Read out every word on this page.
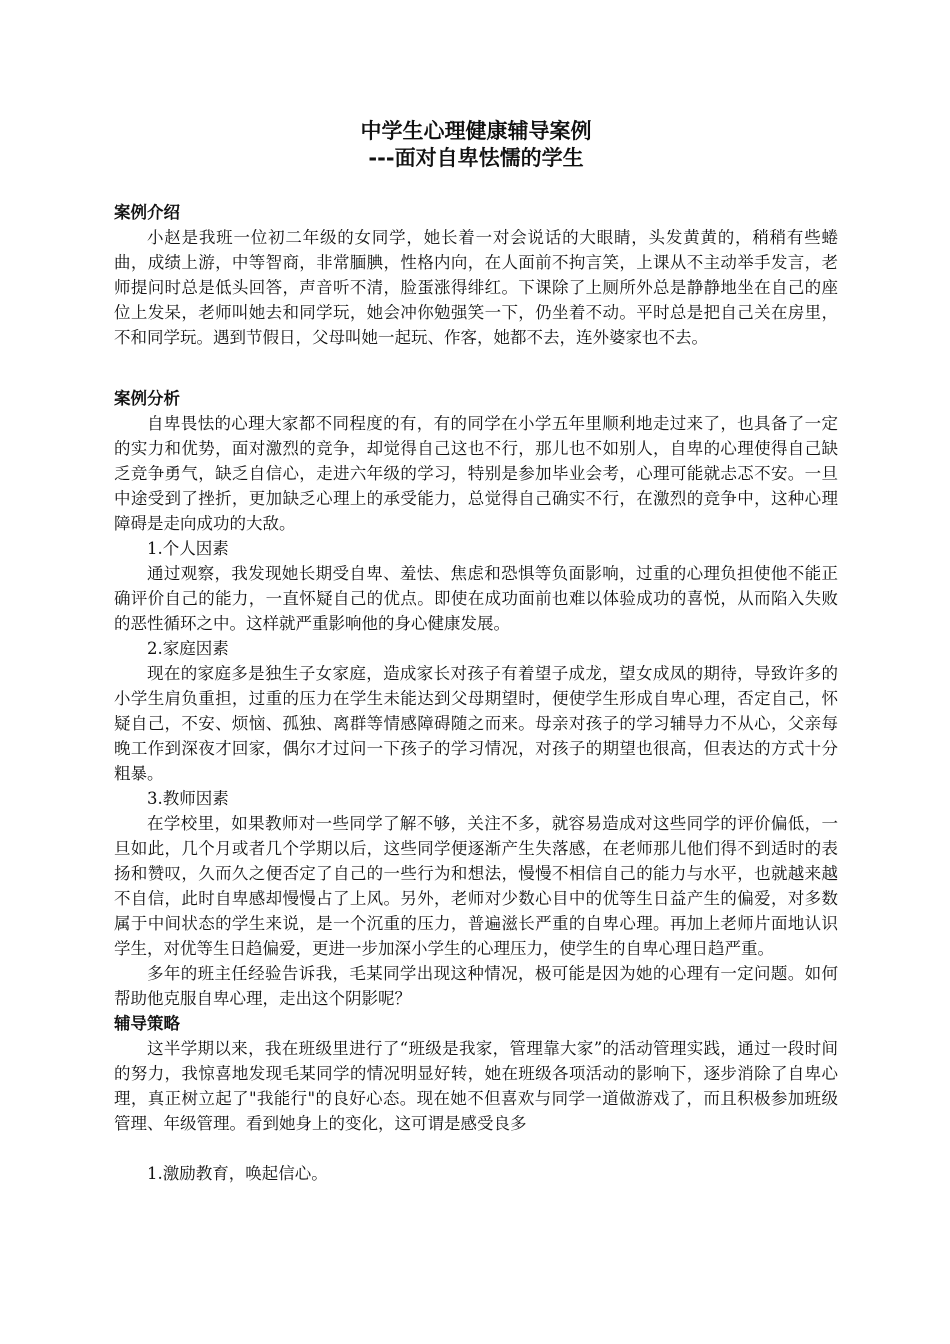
中学生心理健康辅导案例

---面对自卑怯懦的学生

案例介绍

小赵是我班一位初二年级的女同学，她长着一对会说话的大眼睛，头发黄黄的，稍稍有些蜷曲，成绩上游，中等智商，非常腼腆，性格内向，在人面前不拘言笑，上课从不主动举手发言，老师提问时总是低头回答，声音听不清，脸蛋涨得绯红。下课除了上厕所外总是静静地坐在自己的座位上发呆，老师叫她去和同学玩，她会冲你勉强笑一下，仍坐着不动。平时总是把自己关在房里，不和同学玩。遇到节假日，父母叫她一起玩、作客，她都不去，连外婆家也不去。

案例分析

自卑畏怯的心理大家都不同程度的有，有的同学在小学五年里顺利地走过来了，也具备了一定的实力和优势，面对激烈的竞争，却觉得自己这也不行，那儿也不如别人，自卑的心理使得自己缺乏竞争勇气，缺乏自信心，走进六年级的学习，特别是参加毕业会考，心理可能就忐忑不安。一旦中途受到了挫折，更加缺乏心理上的承受能力，总觉得自己确实不行，在激烈的竞争中，这种心理障碍是走向成功的大敌。

1.个人因素

通过观察，我发现她长期受自卑、羞怯、焦虑和恐惧等负面影响，过重的心理负担使他不能正确评价自己的能力，一直怀疑自己的优点。即使在成功面前也难以体验成功的喜悦，从而陷入失败的恶性循环之中。这样就严重影响他的身心健康发展。

2.家庭因素

现在的家庭多是独生子女家庭，造成家长对孩子有着望子成龙，望女成凤的期待，导致许多的小学生肩负重担，过重的压力在学生未能达到父母期望时，便使学生形成自卑心理，否定自己，怀疑自己，不安、烦恼、孤独、离群等情感障碍随之而来。母亲对孩子的学习辅导力不从心，父亲每晚工作到深夜才回家，偶尔才过问一下孩子的学习情况，对孩子的期望也很高，但表达的方式十分粗暴。

3.教师因素

在学校里，如果教师对一些同学了解不够，关注不多，就容易造成对这些同学的评价偏低，一旦如此，几个月或者几个学期以后，这些同学便逐渐产生失落感，在老师那儿他们得不到适时的表扬和赞叹，久而久之便否定了自己的一些行为和想法，慢慢不相信自己的能力与水平，也就越来越不自信，此时自卑感却慢慢占了上风。另外，老师对少数心目中的优等生日益产生的偏爱，对多数属于中间状态的学生来说，是一个沉重的压力，普遍滋长严重的自卑心理。再加上老师片面地认识学生，对优等生日趋偏爱，更进一步加深小学生的心理压力，使学生的自卑心理日趋严重。

多年的班主任经验告诉我，毛某同学出现这种情况，极可能是因为她的心理有一定问题。如何帮助他克服自卑心理，走出这个阴影呢？

辅导策略

这半学期以来，我在班级里进行了“班级是我家，管理靠大家”的活动管理实践，通过一段时间的努力，我惊喜地发现毛某同学的情况明显好转，她在班级各项活动的影响下，逐步消除了自卑心理，真正树立起了"我能行"的良好心态。现在她不但喜欢与同学一道做游戏了，而且积极参加班级管理、年级管理。看到她身上的变化，这可谓是感受良多

1.激励教育，唤起信心。
